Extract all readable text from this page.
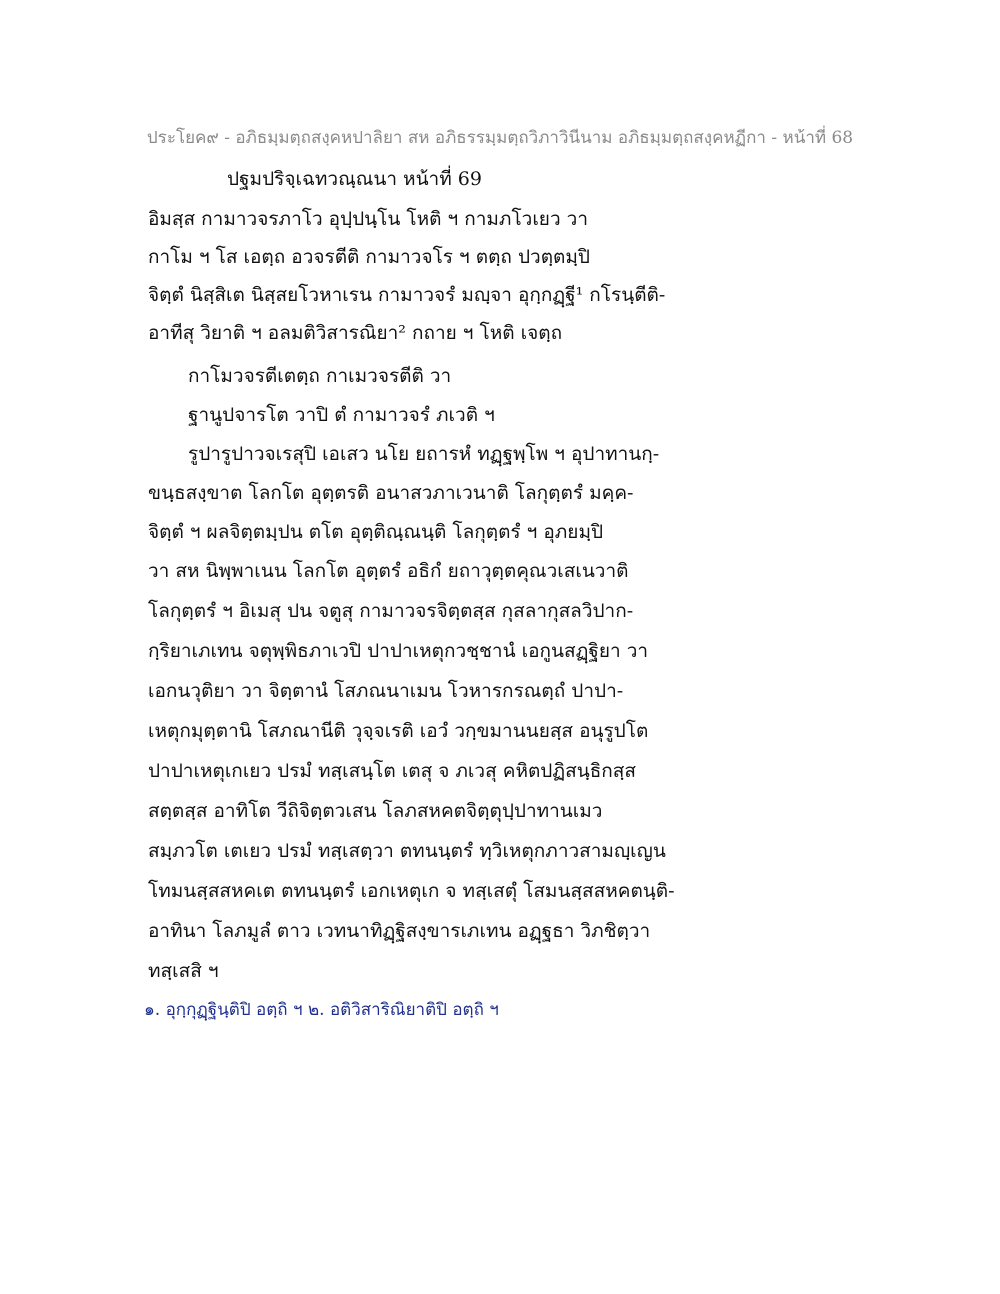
ประโยค๙ - อภิธมฺมตฺถสงฺคหปาลิยา สห อภิธรรมฺมตฺถวิภาวินีนาม อภิธมฺมตฺถสงฺคหฏีกา - หน้าที่ 68
ปฐมปริจฺเฉทวณฺณนา หน้าที่ 69
อิมสฺส กามาวจรภาโว อุปฺปนฺโน โหติ ฯ กามภโวเยว วา
กาโม ฯ โส เอตฺถ อวจรตีติ กามาวจโร ฯ ตตฺถ ปวตฺตมฺปิ
จิตฺตํ นิสฺสิเต นิสฺสยโวหาเรน กามาวจรํ มญฺจา อุกฺกฏฺฐี¹ กโรนฺตีติ-
อาทีสุ วิยาติ ฯ อลมติวิสารณิยา² กถาย ฯ โหติ เจตฺถ
กาโมวจรตีเตตฺถ กาเมวจรตีติ วา
ฐานูปจารโต วาปิ ตํ กามาวจรํ ภเวติ ฯ
รูปารูปาวจเรสุปิ เอเสว นโย ยถารหํ ทฏฺฐพฺโพ ฯ อุปาทานกฺ-
ขนฺธสงฺขาต โลกโต อุตฺตรติ อนาสวภาเวนาติ โลกุตฺตรํ มคฺค-
จิตฺตํ ฯ ผลจิตฺตมฺปน ตโต อุตฺติณฺณนฺติ โลกุตฺตรํ ฯ อุภยมฺปิ
วา สห นิพฺพาเนน โลกโต อุตฺตรํ อธิกํ ยถาวุตฺตคุณวเสเนวาติ
โลกุตฺตรํ ฯ อิเมสุ ปน จตูสุ กามาวจรจิตฺตสฺส กุสลากุสลวิปาก-
กฺริยาเภเทน จตุพฺพิธภาเวปิ ปาปาเหตุกวชฺชานํ เอกูนสฏฺฐิยา วา
เอกนวุติยา วา จิตฺตานํ โสภณนาเมน โวหารกรณตฺถํ ปาปา-
เหตุกมุตฺตานิ โสภณานีติ วุจฺจเรติ เอวํ วกฺขมานนยสฺส อนุรูปโต
ปาปาเหตุเกเยว ปรมํ ทสฺเสนฺโต เตสุ จ ภเวสุ คหิตปฏิสนฺธิกสฺส
สตฺตสฺส อาทิโต วีถิจิตฺตวเสน โลภสหคตจิตฺตุปฺปาทานเมว
สมฺภวโต เตเยว ปรมํ ทสฺเสตฺวา ตทนนฺตรํ ทฺวิเหตุกภาวสามญฺเญน
โทมนสฺสสหคเต ตทนนฺตรํ เอกเหตุเก จ ทสฺเสตุํ โสมนสฺสสหคตนฺติ-
อาทินา โลภมูลํ ตาว เวทนาทิฏฺฐิสงฺขารเภเทน อฏฺฐธา วิภชิตฺวา
ทสฺเสสิ ฯ
๑. อุกฺกุฏฺฐินฺติปิ อตฺถิ ฯ ๒. อติวิสาริณิยาติปิ อตฺถิ ฯ
